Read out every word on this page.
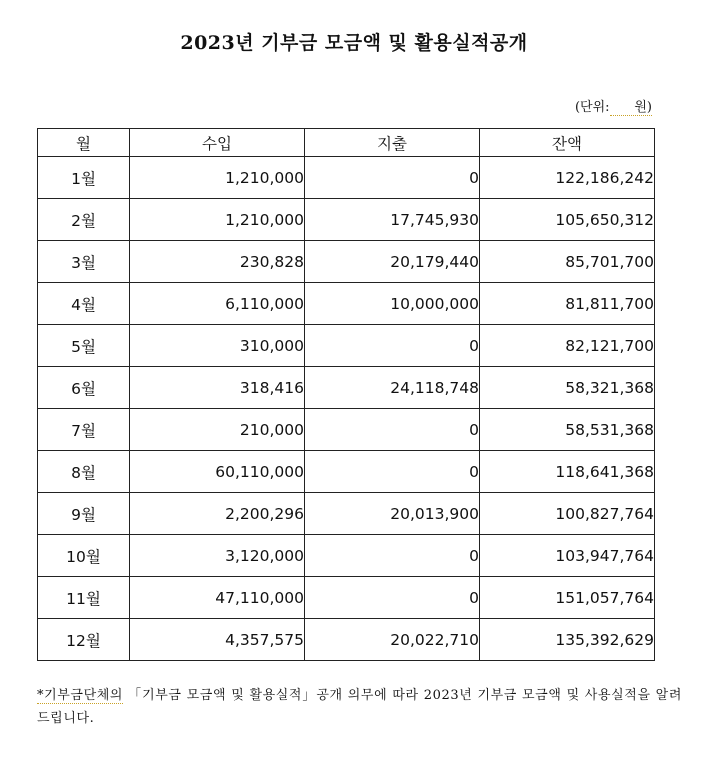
2023년 기부금 모금액 및 활용실적공개
(단위: 원)
월	수입	지출	잔액
1월	1,210,000	0	122,186,242
2월	1,210,000	17,745,930	105,650,312
3월	230,828	20,179,440	85,701,700
4월	6,110,000	10,000,000	81,811,700
5월	310,000	0	82,121,700
6월	318,416	24,118,748	58,321,368
7월	210,000	0	58,531,368
8월	60,110,000	0	118,641,368
9월	2,200,296	20,013,900	100,827,764
10월	3,120,000	0	103,947,764
11월	47,110,000	0	151,057,764
12월	4,357,575	20,022,710	135,392,629
*기부금단체의 「기부금 모금액 및 활용실적」공개 의무에 따라 2023년 기부금 모금액 및 사용실적을 알려드립니다.
